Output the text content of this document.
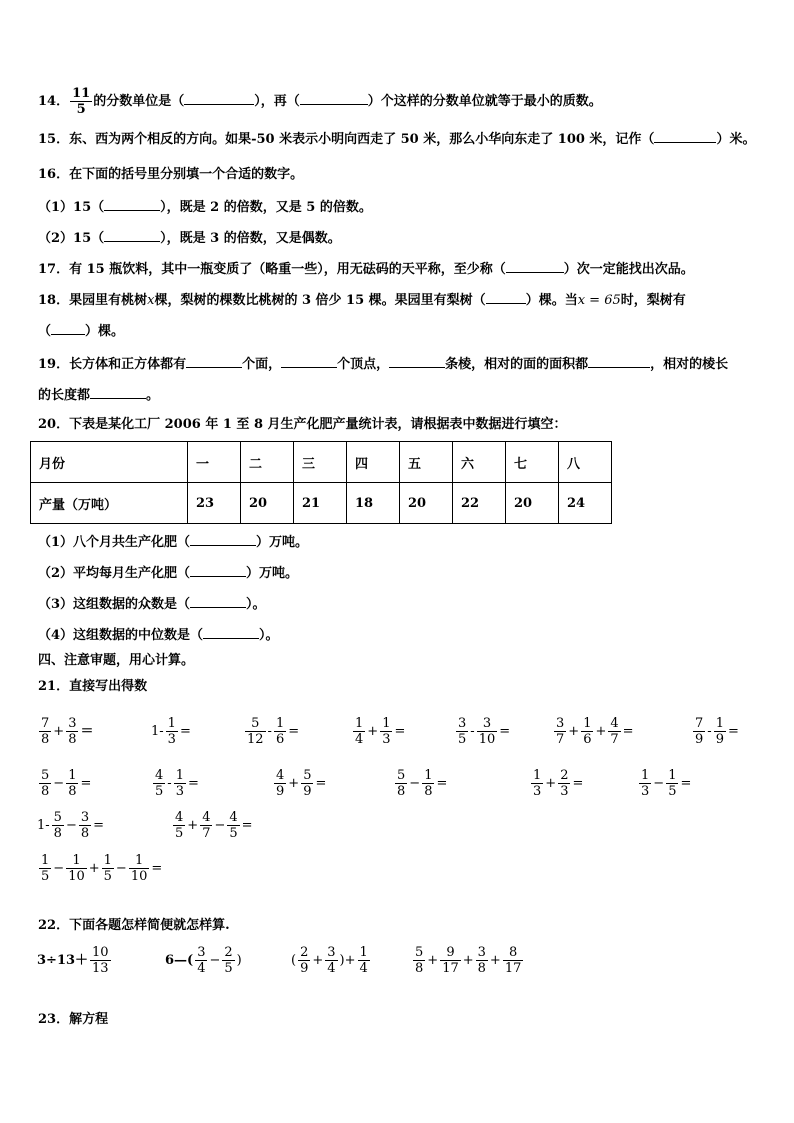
14． $\frac{11}{5}$ 的分数单位是（	），再（	）个这样的分数单位就等于最小的质数。
15．东、西为两个相反的方向。如果-50 米表示小明向西走了 50 米，那么小华向东走了 100 米，记作（	）米。
16．在下面的括号里分别填一个合适的数字。
（1）15（	），既是 2 的倍数，又是 5 的倍数。
（2）15（	），既是 3 的倍数，又是偶数。
17．有 15 瓶饮料，其中一瓶变质了（略重一些），用无砝码的天平称，至少称（	）次一定能找出次品。
18．果园里有桃树x棵，梨树的棵数比桃树的 3 倍少 15 棵。果园里有梨树（	）棵。当x = 65时，梨树有
（	）棵。
19．长方体和正方体都有	个面，	个顶点，	条棱，相对的面的面积都	，相对的棱长
的长度都	。
20．下表是某化工厂 2006 年 1 至 8 月生产化肥产量统计表，请根据表中数据进行填空：
月份	一	二	三	四	五	六	七	八
产量（万吨）	23	20	21	18	20	22	20	24
（1）八个月共生产化肥（	）万吨。
（2）平均每月生产化肥（	）万吨。
（3）这组数据的众数是（	）。
（4）这组数据的中位数是（	）。
四、注意审题，用心计算。
21．直接写出得数
$\frac{7}{8} + \frac{3}{8}$ ＝	$1- \frac{1}{3}$ =	$\frac{5}{12} - \frac{1}{6}$ =	$\frac{1}{4} + \frac{1}{3}$ =	$\frac{3}{5} - \frac{3}{10}$ =	$\frac{3}{7} + \frac{1}{6} + \frac{4}{7}$ =	$\frac{7}{9} - \frac{1}{9}$ =
$\frac{5}{8} - \frac{1}{8}$ =	$\frac{4}{5} - \frac{1}{3}$ =	$\frac{4}{9} + \frac{5}{9}$ =	$\frac{5}{8} - \frac{1}{8}$ =	$\frac{1}{3} + \frac{2}{3}$ =	$\frac{1}{3} - \frac{1}{5}$ =
$1- \frac{5}{8} - \frac{3}{8}$ =	$\frac{4}{5} + \frac{4}{7} - \frac{4}{5}$ =
$\frac{1}{5} - \frac{1}{10} + \frac{1}{5} - \frac{1}{10}$ =
22．下面各题怎样简便就怎样算.
$3\div 13+ \frac{10}{13}$	6—( $\frac{3}{4} - \frac{2}{5}$ )	( $\frac{2}{9} + \frac{3}{4}$ )+ $\frac{1}{4}$	$\frac{5}{8} + \frac{9}{17} + \frac{3}{8} + \frac{8}{17}$
23．解方程
